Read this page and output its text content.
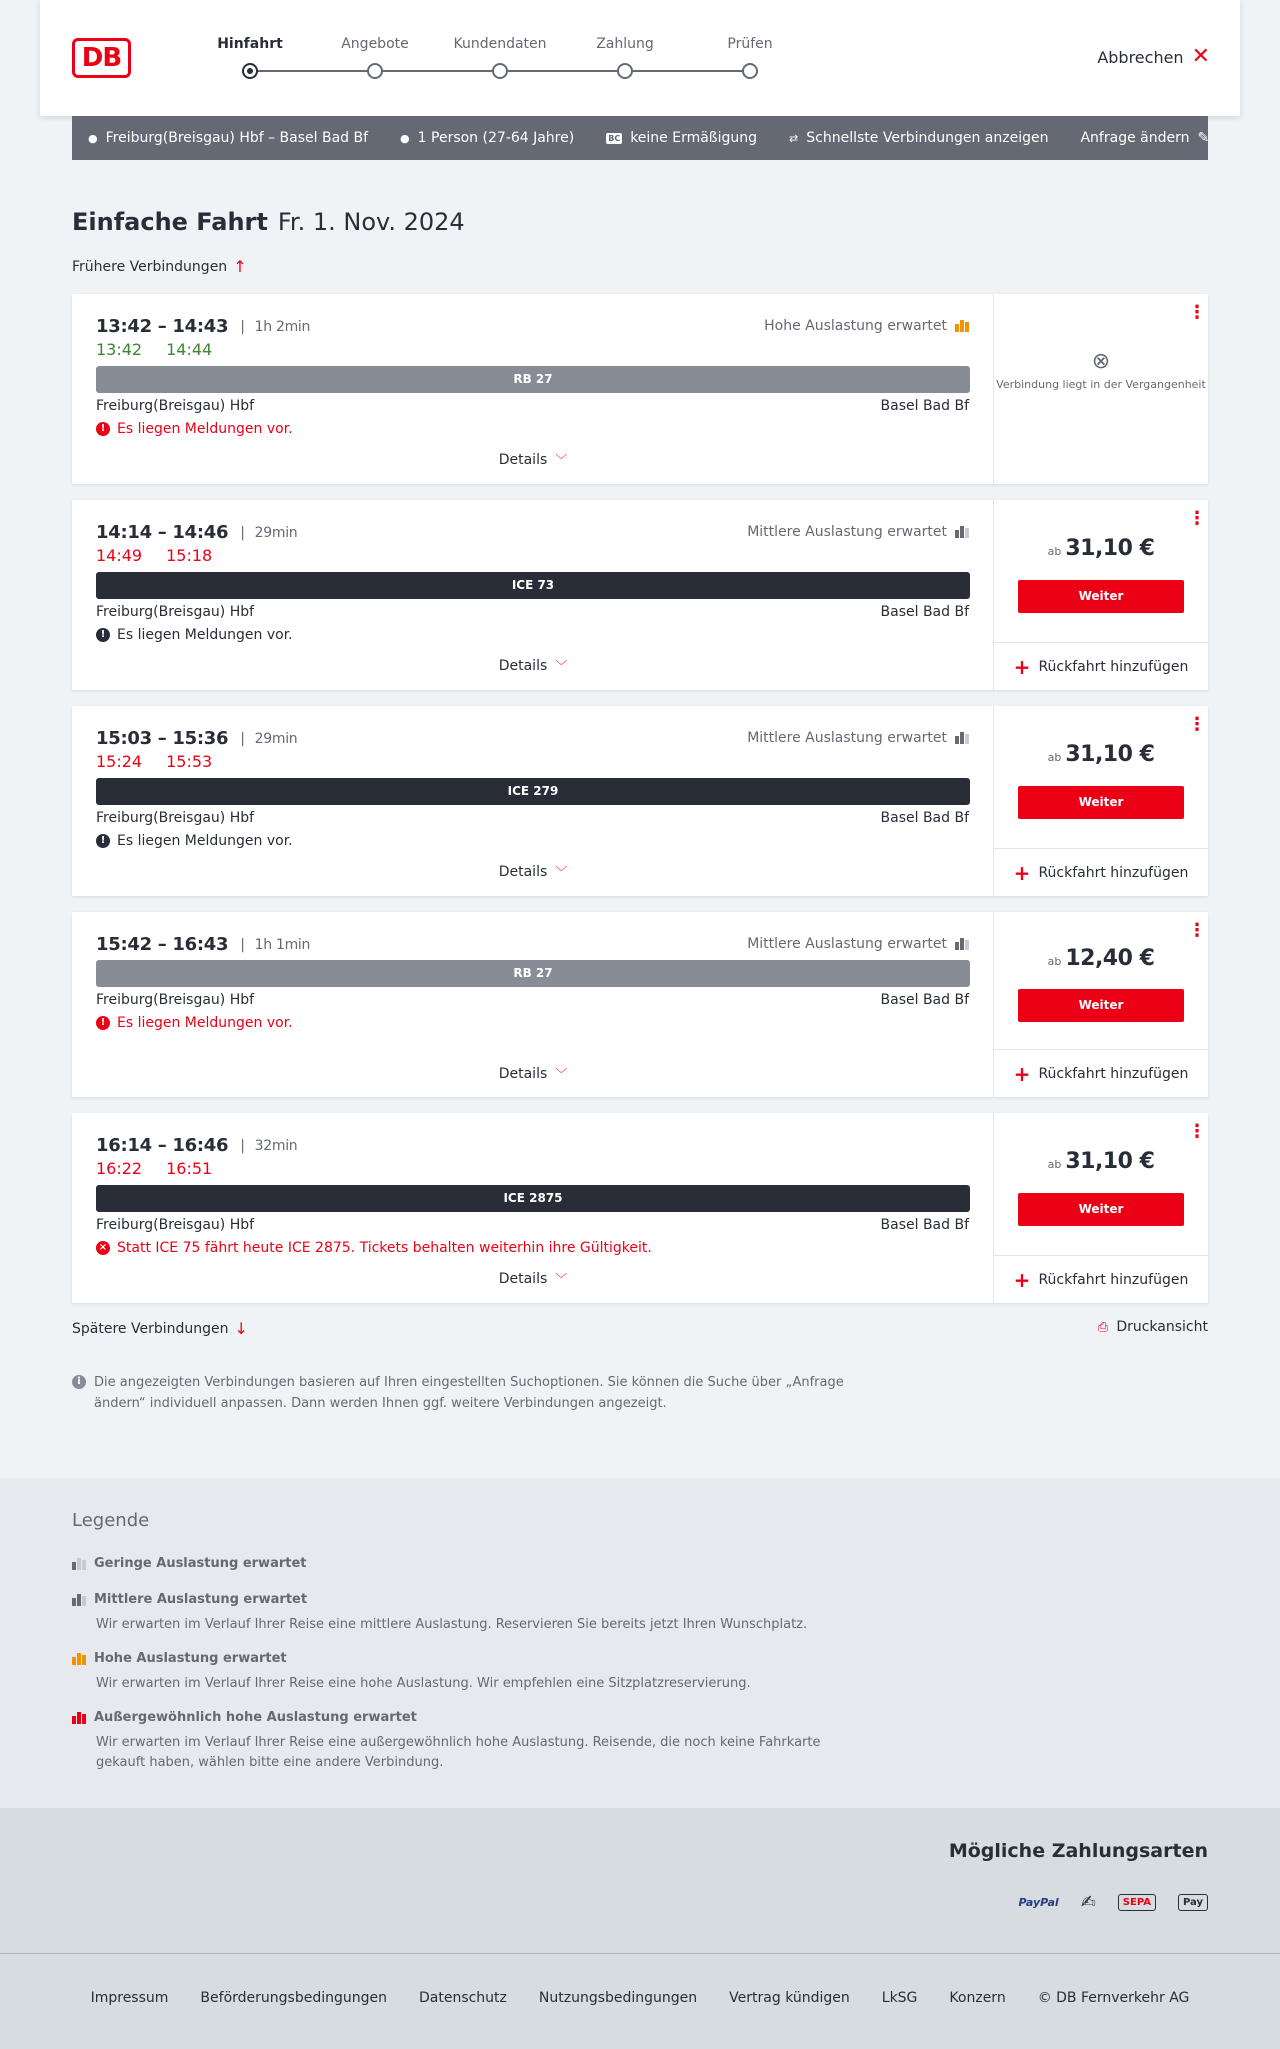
DB	Hinfahrt	Angebote	Kundendaten	Zahlung	Prüfen
Abbrechen ✕
● Freiburg(Breisgau) Hbf – Basel Bad Bf	● 1 Person (27-64 Jahre)	BC keine Ermäßigung	⇄ Schnellste Verbindungen anzeigen Anfrage ändern ✎
Einfache Fahrt Fr. 1. Nov. 2024
Frühere Verbindungen ↑
13:42 – 14:43 | 1h 2min
13:42 14:44
Hohe Auslastung erwartet
RB 27
Freiburg(Breisgau) Hbf	Basel Bad Bf
! Es liegen Meldungen vor.
Details ﹀
⋮
⊗
Verbindung liegt in der Vergangenheit
14:14 – 14:46 | 29min
14:49 15:18
Mittlere Auslastung erwartet
ICE 73
Freiburg(Breisgau) Hbf	Basel Bad Bf
! Es liegen Meldungen vor.
Details ﹀
⋮
ab 31,10 €
Weiter
+ Rückfahrt hinzufügen
15:03 – 15:36 | 29min
15:24 15:53
Mittlere Auslastung erwartet
ICE 279
Freiburg(Breisgau) Hbf	Basel Bad Bf
! Es liegen Meldungen vor.
Details ﹀
⋮
ab 31,10 €
Weiter
+ Rückfahrt hinzufügen
15:42 – 16:43 | 1h 1min	Mittlere Auslastung erwartet
RB 27
Freiburg(Breisgau) Hbf	Basel Bad Bf
! Es liegen Meldungen vor.
Details ﹀
⋮
ab 12,40 €
Weiter
+ Rückfahrt hinzufügen
16:14 – 16:46 | 32min
16:22 16:51
ICE 2875
Freiburg(Breisgau) Hbf	Basel Bad Bf
× Statt ICE 75 fährt heute ICE 2875. Tickets behalten weiterhin ihre Gültigkeit.
Details ﹀
⋮
ab 31,10 €
Weiter
+ Rückfahrt hinzufügen
Spätere Verbindungen ↓	⎙ Druckansicht
i	Die angezeigten Verbindungen basieren auf Ihren eingestellten Suchoptionen. Sie können die Suche über „Anfrage ändern“ individuell anpassen. Dann werden Ihnen ggf. weitere Verbindungen angezeigt.
Legende
Geringe Auslastung erwartet
Mittlere Auslastung erwartet
Wir erwarten im Verlauf Ihrer Reise eine mittlere Auslastung. Reservieren Sie bereits jetzt Ihren Wunschplatz.
Hohe Auslastung erwartet
Wir erwarten im Verlauf Ihrer Reise eine hohe Auslastung. Wir empfehlen eine Sitzplatzreservierung.
Außergewöhnlich hohe Auslastung erwartet
Wir erwarten im Verlauf Ihrer Reise eine außergewöhnlich hohe Auslastung. Reisende, die noch keine Fahrkarte gekauft haben, wählen bitte eine andere Verbindung.
Mögliche Zahlungsarten
PayPal ✍	SEPA	Pay
Impressum Beförderungsbedingungen Datenschutz Nutzungsbedingungen Vertrag kündigen LkSG Konzern © DB Fernverkehr AG
